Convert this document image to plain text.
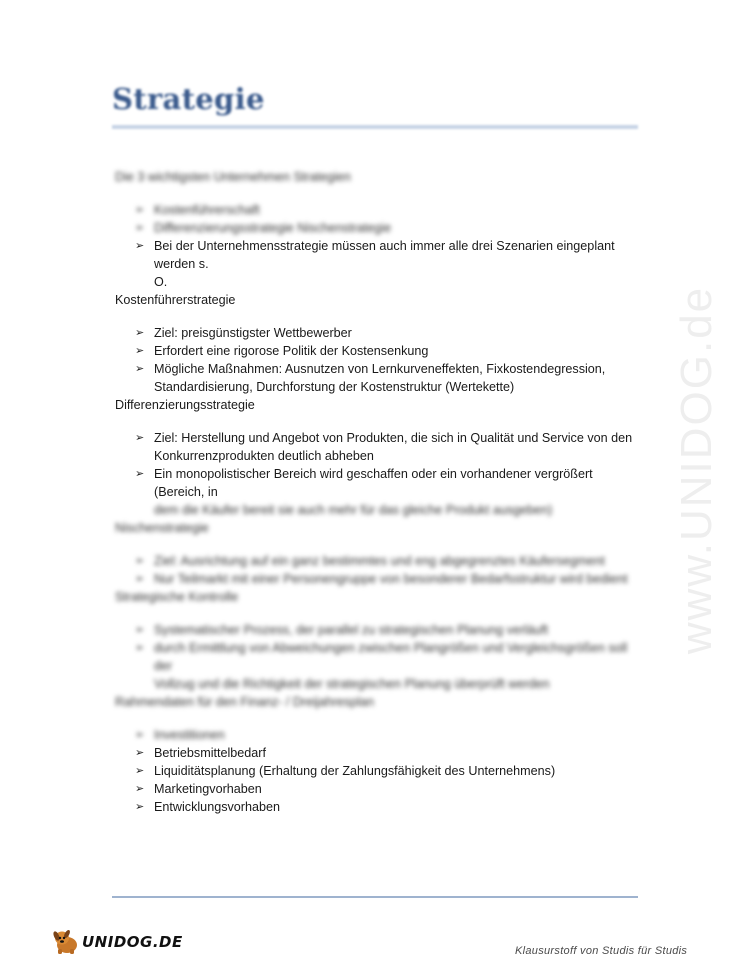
Strategie
www.UNIDOG.de
Die 3 wichtigsten Unternehmen Strategien
➢ Kostenführerschaft
➢ Differenzierungsstrategie Nischenstrategie
➢ Bei der Unternehmensstrategie müssen auch immer alle drei Szenarien eingeplant werden s.
O.
Kostenführerstrategie
➢ Ziel: preisgünstigster Wettbewerber
➢ Erfordert eine rigorose Politik der Kostensenkung
➢ Mögliche Maßnahmen: Ausnutzen von Lernkurveneffekten, Fixkostendegression,
Standardisierung, Durchforstung der Kostenstruktur (Wertekette)
Differenzierungsstrategie
➢ Ziel: Herstellung und Angebot von Produkten, die sich in Qualität und Service von den
Konkurrenzprodukten deutlich abheben
➢ Ein monopolistischer Bereich wird geschaffen oder ein vorhandener vergrößert (Bereich, in
dem die Käufer bereit sie auch mehr für das gleiche Produkt ausgeben)
Nischenstrategie
➢ Ziel: Ausrichtung auf ein ganz bestimmtes und eng abgegrenztes Käufersegment
➢ Nur Teilmarkt mit einer Personengruppe von besonderer Bedarfsstruktur wird bedient
Strategische Kontrolle
➢ Systematischer Prozess, der parallel zu strategischen Planung verläuft
➢ durch Ermittlung von Abweichungen zwischen Plangrößen und Vergleichsgrößen soll der
Vollzug und die Richtigkeit der strategischen Planung überprüft werden
Rahmendaten für den Finanz- / Dreijahresplan
➢ Investitionen
➢ Betriebsmittelbedarf
➢ Liquiditätsplanung (Erhaltung der Zahlungsfähigkeit des Unternehmens)
➢ Marketingvorhaben
➢ Entwicklungsvorhaben
UNIDOG.DE	Klausurstoff von Studis für Studis
